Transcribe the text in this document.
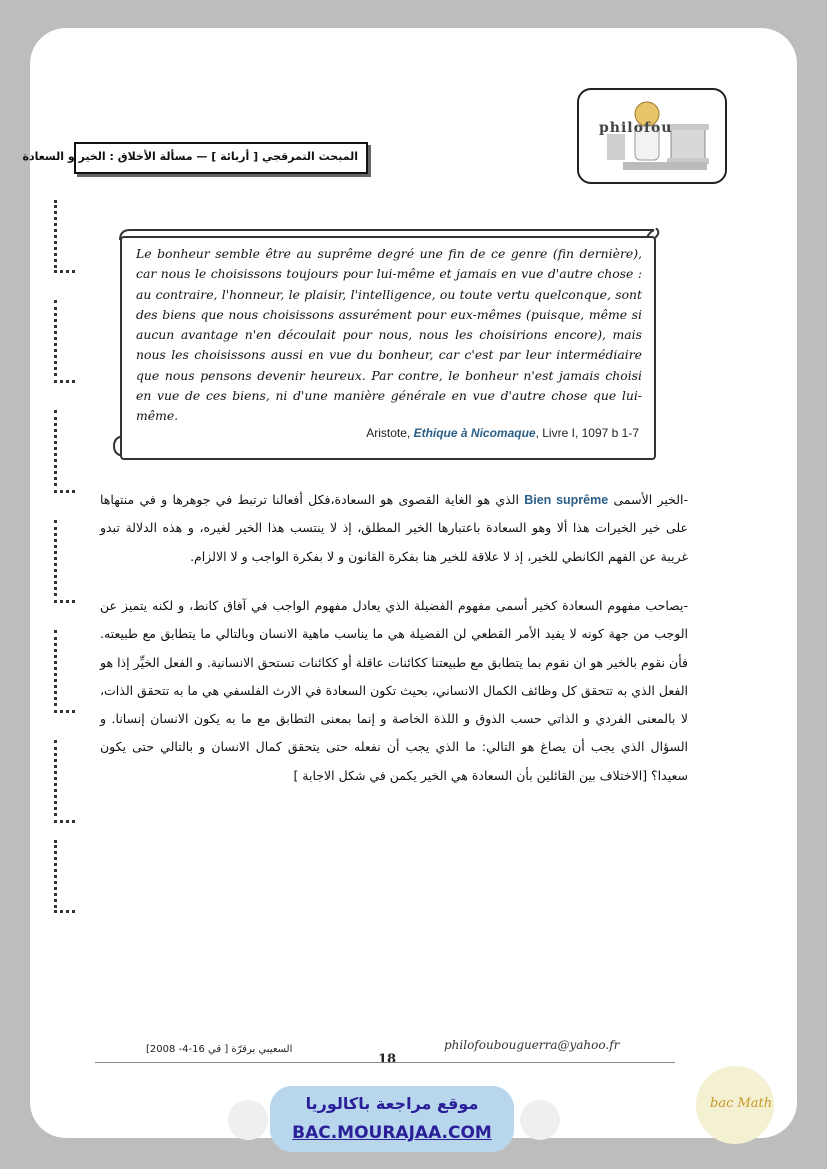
philofou
المبحث التمرقجي [ أربائة ] — مسألة الأخلاق : الخير و السعادة
Le bonheur semble être au suprême degré une fin de ce genre (fin dernière), car nous le choisissons toujours pour lui-même et jamais en vue d'autre chose : au contraire, l'honneur, le plaisir, l'intelligence, ou toute vertu quelconque, sont des biens que nous choisissons assurément pour eux-mêmes (puisque, même si aucun avantage n'en découlait pour nous, nous les choisirions encore), mais nous les choisissons aussi en vue du bonheur, car c'est par leur intermédiaire que nous pensons devenir heureux. Par contre, le bonheur n'est jamais choisi en vue de ces biens, ni d'une manière générale en vue d'autre chose que lui-même.
Aristote, Ethique à Nicomaque, Livre I, 1097 b 1-7
-الخير الأسمى Bien suprême الذي هو الغاية القصوى هو السعادة،فكل أفعالنا ترتبط في جوهرها و في منتهاها على خير الخيرات هذا ألا وهو السعادة باعتبارها الخير المطلق، إذ لا ينتسب هذا الخير لغيره، و هذه الدلالة تبدو غريبة عن الفهم الكانطي للخير، إذ لا علاقة للخير هنا بفكرة القانون و لا بفكرة الواجب و لا الالزام.
-يصاحب مفهوم السعادة كخير أسمى مفهوم الفضيلة الذي يعادل مفهوم الواجب في آفاق كانط، و لكنه يتميز عن الوجب من جهة كونه لا يفيد الأمر القطعي لن الفضيلة هي ما يناسب ماهية الانسان وبالتالي ما يتطابق مع طبيعته. فأن نقوم بالخير هو ان نقوم بما يتطابق مع طبيعتنا ككائنات عاقلة أو ككائنات تستحق الانسانية. و الفعل الخيِّر إذا هو الفعل الذي به تتحقق كل وظائف الكمال الانساني، بحيث تكون السعادة في الارث الفلسفي هي ما به تتحقق الذات، لا بالمعنى الفردي و الذاتي حسب الذوق و اللذة الخاصة و إنما بمعنى التطابق مع ما به يكون الانسان إنسانا. و السؤال الذي يجب أن يصاغ هو التالي: ما الذي يجب أن نفعله حتى يتحقق كمال الانسان و بالتالي حتى يكون سعيدا؟ [الاختلاف بين القائلين بأن السعادة هي الخير يكمن في شكل الاجابة ]
philofoubouguerra@yahoo.fr
السعيبي برقرّة [ قي 16-4- 2008]
18
موقع مراجعة باكالوريا
BAC.MOURAJAA.COM
bac Math
